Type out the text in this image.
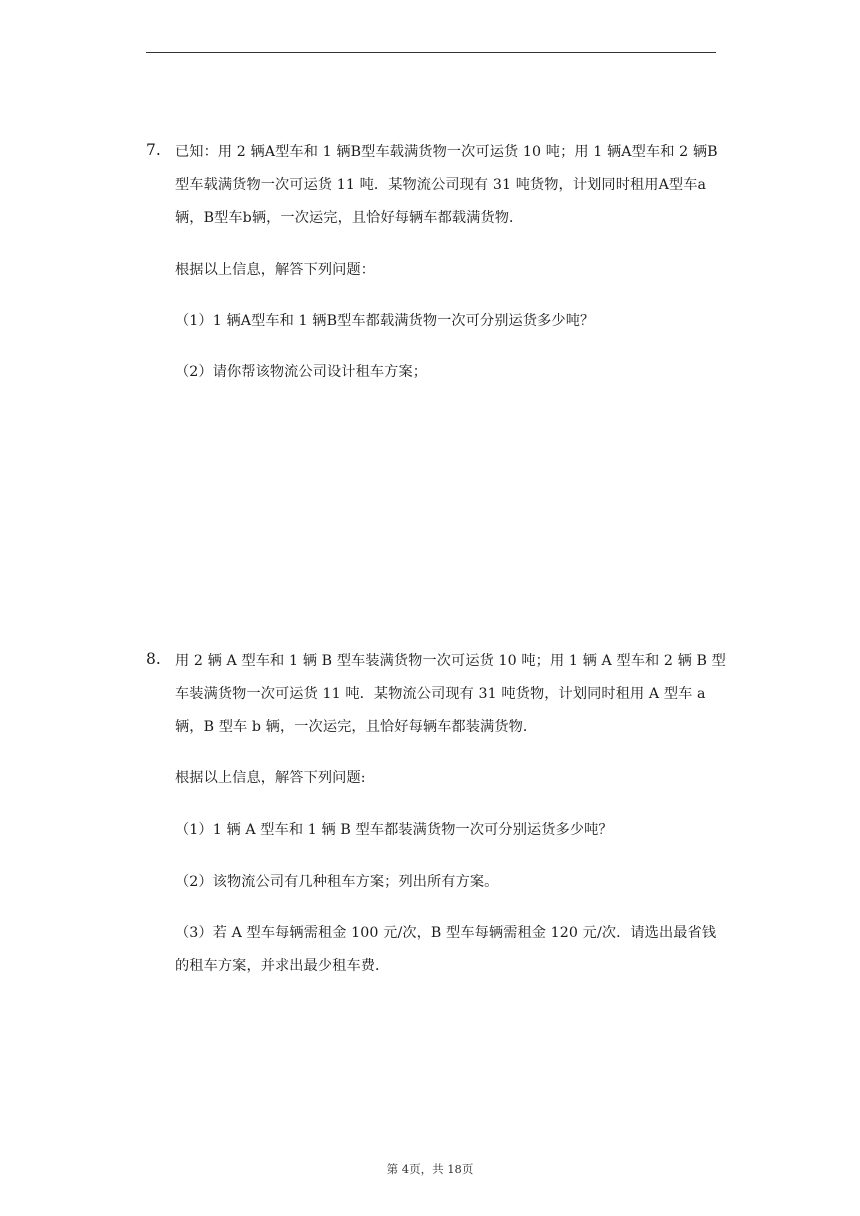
7. 已知：用 2 辆A型车和 1 辆B型车载满货物一次可运货 10 吨；用 1 辆A型车和 2 辆B
型车载满货物一次可运货 11 吨．某物流公司现有 31 吨货物，计划同时租用A型车a
辆，B型车b辆，一次运完，且恰好每辆车都载满货物．
根据以上信息，解答下列问题：
（1）1 辆A型车和 1 辆B型车都载满货物一次可分别运货多少吨？
（2）请你帮该物流公司设计租车方案；
8. 用 2 辆 A 型车和 1 辆 B 型车装满货物一次可运货 10 吨；用 1 辆 A 型车和 2 辆 B 型
车装满货物一次可运货 11 吨．某物流公司现有 31 吨货物，计划同时租用 A 型车 a
辆，B 型车 b 辆，一次运完，且恰好每辆车都装满货物．
根据以上信息，解答下列问题:
（1）1 辆 A 型车和 1 辆 B 型车都装满货物一次可分别运货多少吨？
（2）该物流公司有几种租车方案；列出所有方案。
（3）若 A 型车每辆需租金 100 元/次，B 型车每辆需租金 120 元/次．请选出最省钱
的租车方案，并求出最少租车费．
第 4页，共 18页
